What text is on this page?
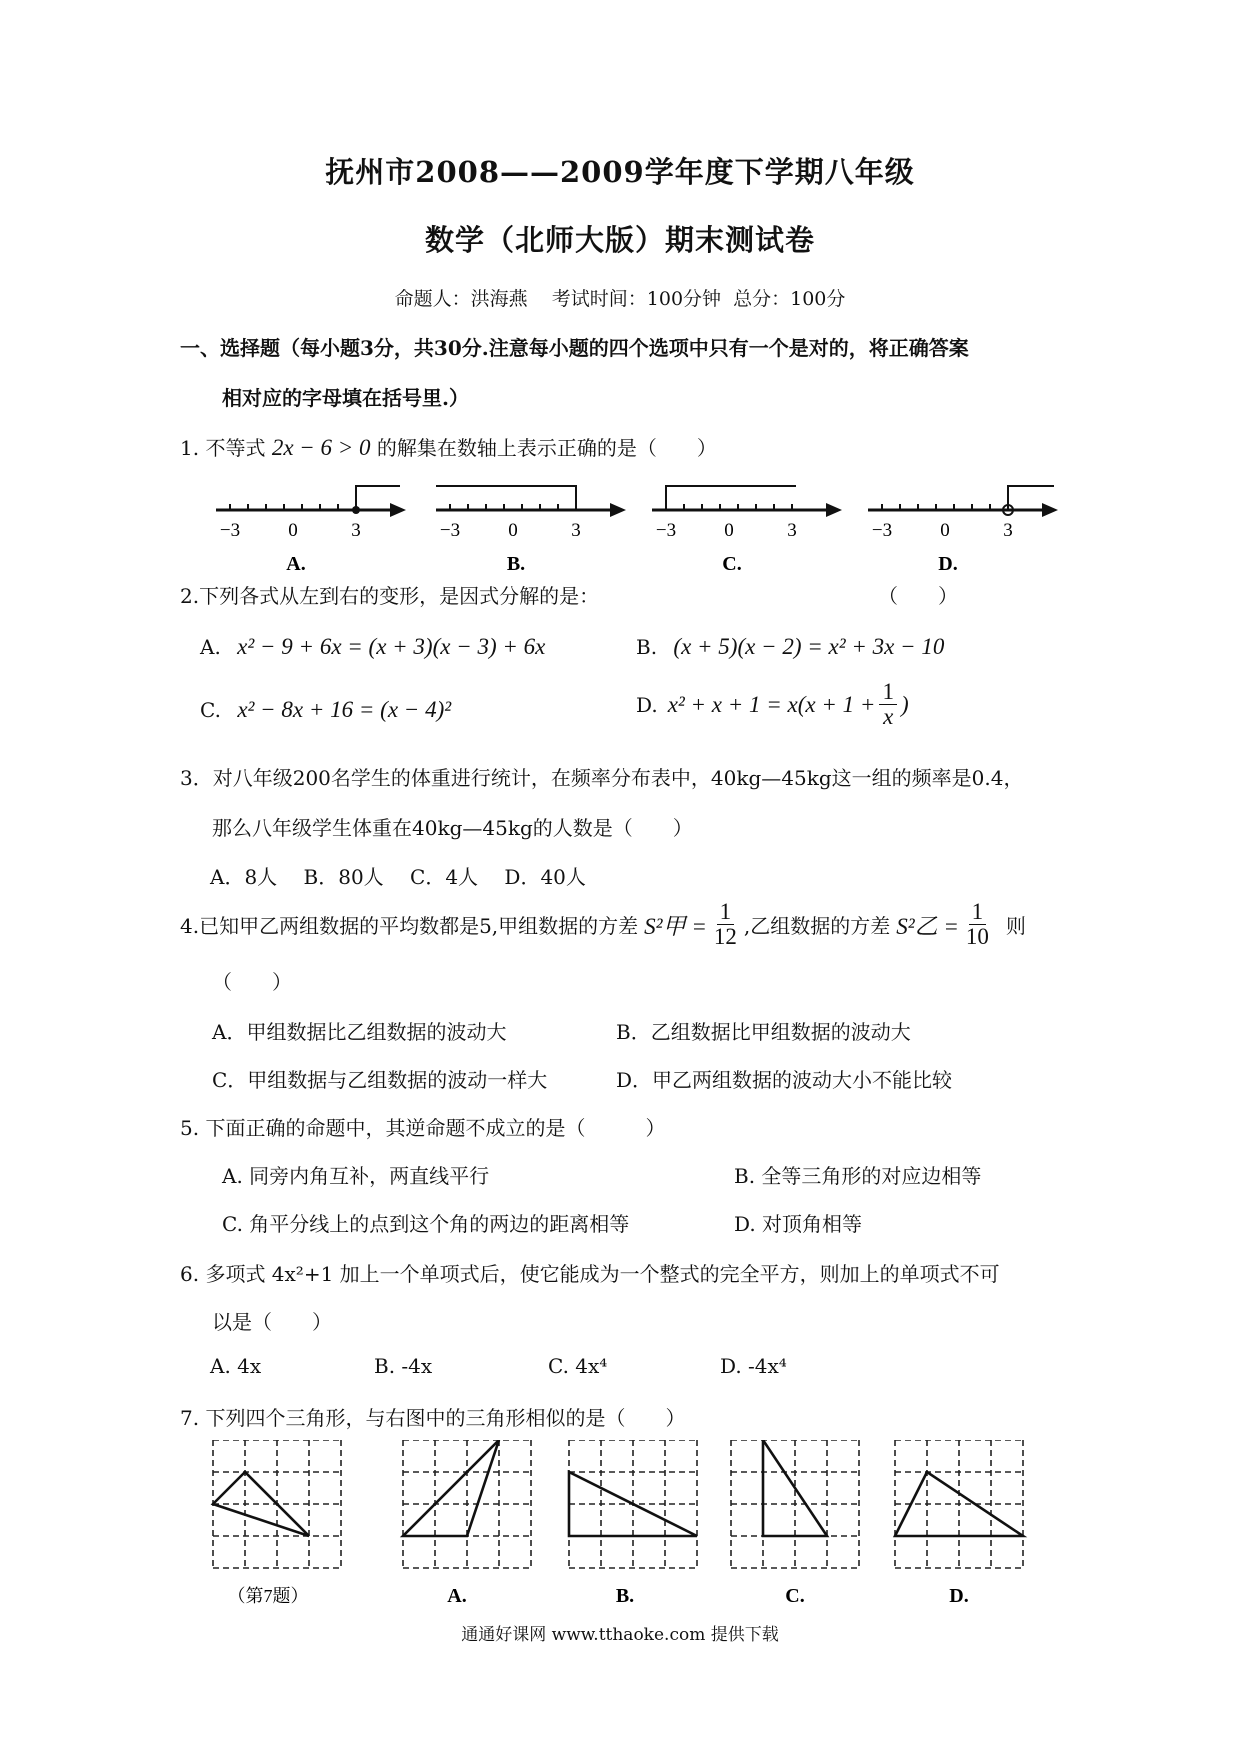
抚州市2008——2009学年度下学期八年级
数学（北师大版）期末测试卷
命题人：洪海燕    考试时间：100分钟  总分：100分
一、选择题（每小题3分，共30分.注意每小题的四个选项中只有一个是对的，将正确答案
相对应的字母填在括号里.）
1. 不等式 2x − 6 > 0 的解集在数轴上表示正确的是（　　）
−3	0	3
A.
−3	0	3
B.
−3	0	3
C.
−3	0	3
D.
2.下列各式从左到右的变形，是因式分解的是：	（　　）
A. x² − 9 + 6x = (x + 3)(x − 3) + 6x	B. (x + 5)(x − 2) = x² + 3x − 10
C. x² − 8x + 16 = (x − 4)²	D. $x^2 + x + 1 = x(x + 1 + \frac{1}{x}$ )
3．对八年级200名学生的体重进行统计，在频率分布表中，40kg—45kg这一组的频率是0.4，
那么八年级学生体重在40kg—45kg的人数是（　　）
A．8人　 B．80人　 C．4人　 D．40人
4.已知甲乙两组数据的平均数都是5,甲组数据的方差 S²甲 = $\frac{1}{12}$ ,乙组数据的方差 S²乙 = $\frac{1}{10}$ 则
（　　）
A．甲组数据比乙组数据的波动大	B．乙组数据比甲组数据的波动大
C．甲组数据与乙组数据的波动一样大	D．甲乙两组数据的波动大小不能比较
5. 下面正确的命题中，其逆命题不成立的是（　　　）
A. 同旁内角互补，两直线平行	B. 全等三角形的对应边相等
C. 角平分线上的点到这个角的两边的距离相等	D. 对顶角相等
6. 多项式 4x²+1 加上一个单项式后，使它能成为一个整式的完全平方，则加上的单项式不可
以是（　　）
A. 4x	B. -4x	C. 4x⁴	D. -4x⁴
7. 下列四个三角形，与右图中的三角形相似的是（　　）
（第7题）	A.	B.	C.	D.
通通好课网 www.tthaoke.com 提供下载
